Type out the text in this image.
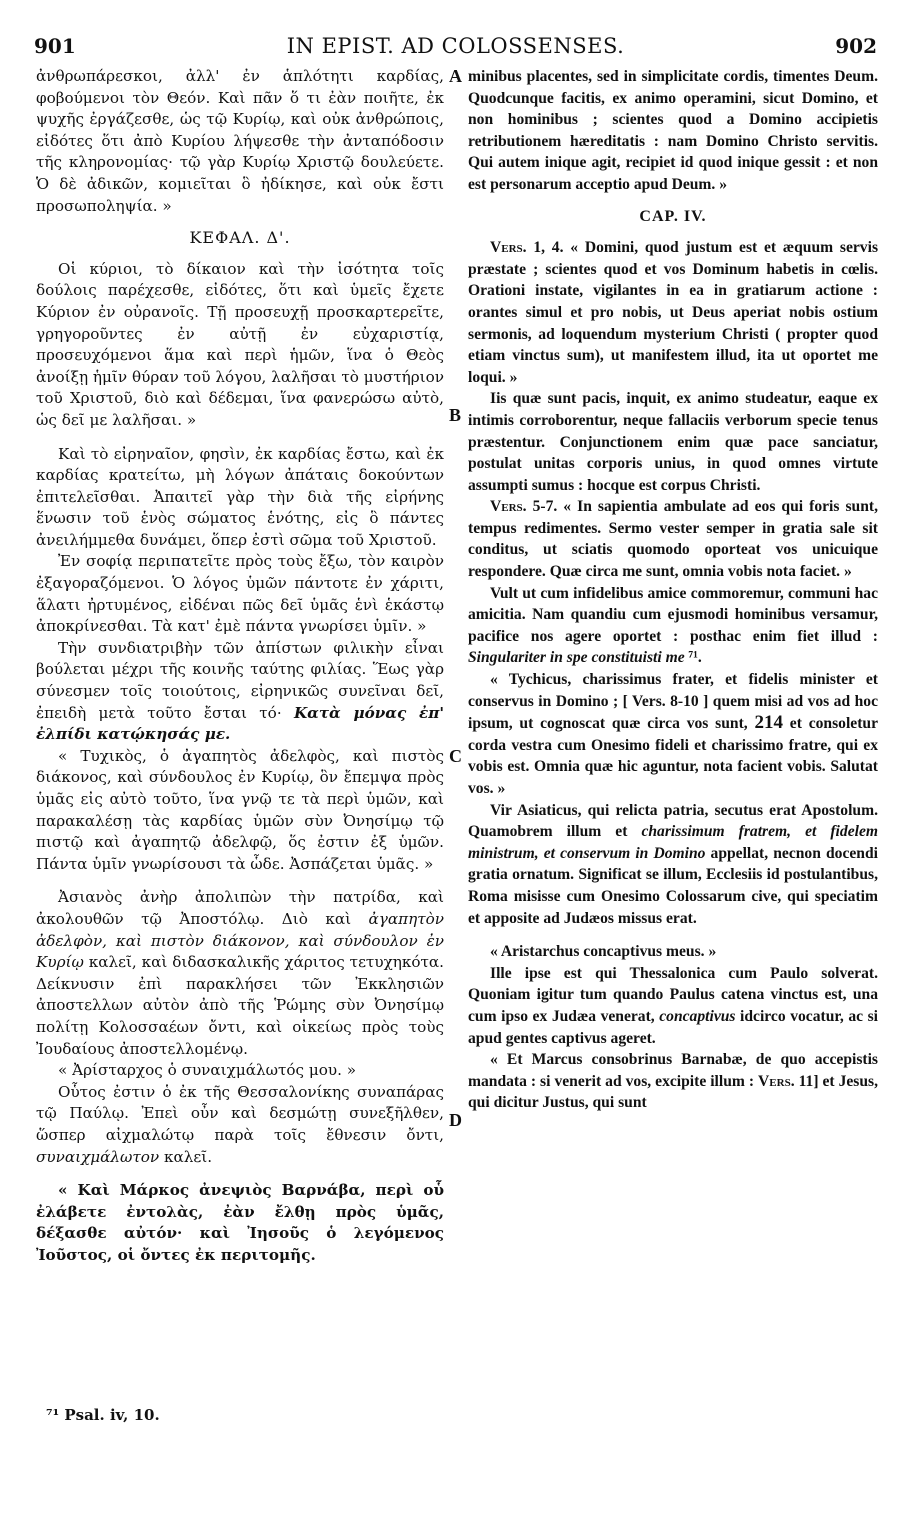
901	IN EPIST. AD COLOSSENSES.	902
A
B
C
D

ἀνθρωπάρεσκοι, ἀλλ' ἐν ἁπλότητι καρδίας, φοβούμενοι τὸν Θεόν. Καὶ πᾶν ὅ τι ἐὰν ποιῆτε, ἐκ ψυχῆς ἐργάζεσθε, ὡς τῷ Κυρίῳ, καὶ οὐκ ἀνθρώποις, εἰδότες ὅτι ἀπὸ Κυρίου λήψεσθε τὴν ἀνταπόδοσιν τῆς κληρονομίας· τῷ γὰρ Κυρίῳ Χριστῷ δουλεύετε. Ὁ δὲ ἀδικῶν, κομιεῖται ὃ ἠδίκησε, καὶ οὐκ ἔστι προσωποληψία. »

ΚΕΦΑΛ. Δ'.

Οἱ κύριοι, τὸ δίκαιον καὶ τὴν ἰσότητα τοῖς δούλοις παρέχεσθε, εἰδότες, ὅτι καὶ ὑμεῖς ἔχετε Κύριον ἐν οὐρανοῖς. Τῇ προσευχῇ προσκαρτερεῖτε, γρηγοροῦντες ἐν αὐτῇ ἐν εὐχαριστίᾳ, προσευχόμενοι ἅμα καὶ περὶ ἡμῶν, ἵνα ὁ Θεὸς ἀνοίξῃ ἡμῖν θύραν τοῦ λόγου, λαλῆσαι τὸ μυστήριον τοῦ Χριστοῦ, διὸ καὶ δέδεμαι, ἵνα φανερώσω αὐτὸ, ὡς δεῖ με λαλῆσαι. »

Καὶ τὸ εἰρηναῖον, φησὶν, ἐκ καρδίας ἔστω, καὶ ἐκ καρδίας κρατείτω, μὴ λόγων ἀπάταις δοκούντων ἐπιτελεῖσθαι. Ἀπαιτεῖ γὰρ τὴν διὰ τῆς εἰρήνης ἕνωσιν τοῦ ἑνὸς σώματος ἑνότης, εἰς ὃ πάντες ἀνειλήμμεθα δυνάμει, ὅπερ ἐστὶ σῶμα τοῦ Χριστοῦ.

Ἐν σοφίᾳ περιπατεῖτε πρὸς τοὺς ἔξω, τὸν καιρὸν ἐξαγοραζόμενοι. Ὁ λόγος ὑμῶν πάντοτε ἐν χάριτι, ἅλατι ἠρτυμένος, εἰδέναι πῶς δεῖ ὑμᾶς ἑνὶ ἑκάστῳ ἀποκρίνεσθαι. Τὰ κατ' ἐμὲ πάντα γνωρίσει ὑμῖν. »

Τὴν συνδιατριβὴν τῶν ἀπίστων φιλικὴν εἶναι βούλεται μέχρι τῆς κοινῆς ταύτης φιλίας. Ἕως γὰρ σύνεσμεν τοῖς τοιούτοις, εἰρηνικῶς συνεῖναι δεῖ, ἐπειδὴ μετὰ τοῦτο ἔσται τό· Κατὰ μόνας ἐπ' ἐλπίδι κατῴκησάς με.

« Τυχικὸς, ὁ ἀγαπητὸς ἀδελφὸς, καὶ πιστὸς διάκονος, καὶ σύνδουλος ἐν Κυρίῳ, ὃν ἔπεμψα πρὸς ὑμᾶς εἰς αὐτὸ τοῦτο, ἵνα γνῷ τε τὰ περὶ ὑμῶν, καὶ παρακαλέσῃ τὰς καρδίας ὑμῶν σὺν Ὀνησίμῳ τῷ πιστῷ καὶ ἀγαπητῷ ἀδελφῷ, ὅς ἐστιν ἐξ ὑμῶν. Πάντα ὑμῖν γνωρίσουσι τὰ ὧδε. Ἀσπάζεται ὑμᾶς. »

Ἀσιανὸς ἀνὴρ ἀπολιπὼν τὴν πατρίδα, καὶ ἀκολουθῶν τῷ Ἀποστόλῳ. Διὸ καὶ ἀγαπητὸν ἀδελφὸν, καὶ πιστὸν διάκονον, καὶ σύνδουλον ἐν Κυρίῳ καλεῖ, καὶ διδασκαλικῆς χάριτος τετυχηκότα. Δείκνυσιν ἐπὶ παρακλήσει τῶν Ἐκκλησιῶν ἀποστελλων αὐτὸν ἀπὸ τῆς Ῥώμης σὺν Ὀνησίμῳ πολίτῃ Κολοσσαέων ὄντι, καὶ οἰκείως πρὸς τοὺς Ἰουδαίους ἀποστελλομένῳ.

« Ἀρίσταρχος ὁ συναιχμάλωτός μου. »

Οὗτος ἐστιν ὁ ἐκ τῆς Θεσσαλονίκης συναπάρας τῷ Παύλῳ. Ἐπεὶ οὖν καὶ δεσμώτῃ συνεξῆλθεν, ὥσπερ αἰχμαλώτῳ παρὰ τοῖς ἔθνεσιν ὄντι, συναιχμάλωτον καλεῖ.

« Καὶ Μάρκος ἀνεψιὸς Βαρνάβα, περὶ οὗ ἐλάβετε ἐντολὰς, ἐὰν ἔλθῃ πρὸς ὑμᾶς, δέξασθε αὐτόν· καὶ Ἰησοῦς ὁ λεγόμενος Ἰοῦστος, οἱ ὄντες ἐκ περιτομῆς.

minibus placentes, sed in simplicitate cordis, timentes Deum. Quodcunque facitis, ex animo operamini, sicut Domino, et non hominibus ; scientes quod a Domino accipietis retributionem hæreditatis : nam Domino Christo servitis. Qui autem inique agit, recipiet id quod inique gessit : et non est personarum acceptio apud Deum. »

CAP. IV.

Vers. 1, 4. « Domini, quod justum est et æquum servis præstate ; scientes quod et vos Dominum habetis in cœlis. Orationi instate, vigilantes in ea in gratiarum actione : orantes simul et pro nobis, ut Deus aperiat nobis ostium sermonis, ad loquendum mysterium Christi ( propter quod etiam vinctus sum), ut manifestem illud, ita ut oportet me loqui. »

Iis quæ sunt pacis, inquit, ex animo studeatur, eaque ex intimis corroborentur, neque fallaciis verborum specie tenus præstentur. Conjunctionem enim quæ pace sanciatur, postulat unitas corporis unius, in quod omnes virtute assumpti sumus : hocque est corpus Christi.

Vers. 5-7. « In sapientia ambulate ad eos qui foris sunt, tempus redimentes. Sermo vester semper in gratia sale sit conditus, ut sciatis quomodo oporteat vos unicuique respondere. Quæ circa me sunt, omnia vobis nota faciet. »

Vult ut cum infidelibus amice commoremur, communi hac amicitia. Nam quandiu cum ejusmodi hominibus versamur, pacifice nos agere oportet : posthac enim fiet illud : Singulariter in spe constituisti me ⁷¹.

« Tychicus, charissimus frater, et fidelis minister et conservus in Domino ; [ Vers. 8-10 ] quem misi ad vos ad hoc ipsum, ut cognoscat quæ circa vos sunt, 214 et consoletur corda vestra cum Onesimo fideli et charissimo fratre, qui ex vobis est. Omnia quæ hic aguntur, nota facient vobis. Salutat vos. »

Vir Asiaticus, qui relicta patria, secutus erat Apostolum. Quamobrem illum et charissimum fratrem, et fidelem ministrum, et conservum in Domino appellat, necnon docendi gratia ornatum. Significat se illum, Ecclesiis id postulantibus, Roma misisse cum Onesimo Colossarum cive, qui speciatim et apposite ad Judæos missus erat.

« Aristarchus concaptivus meus. »

Ille ipse est qui Thessalonica cum Paulo solverat. Quoniam igitur tum quando Paulus catena vinctus est, una cum ipso ex Judæa venerat, concaptivus idcirco vocatur, ac si apud gentes captivus ageret.

« Et Marcus consobrinus Barnabæ, de quo accepistis mandata : si venerit ad vos, excipite illum : Vers. 11] et Jesus, qui dicitur Justus, qui sunt

⁷¹ Psal. iv, 10.
